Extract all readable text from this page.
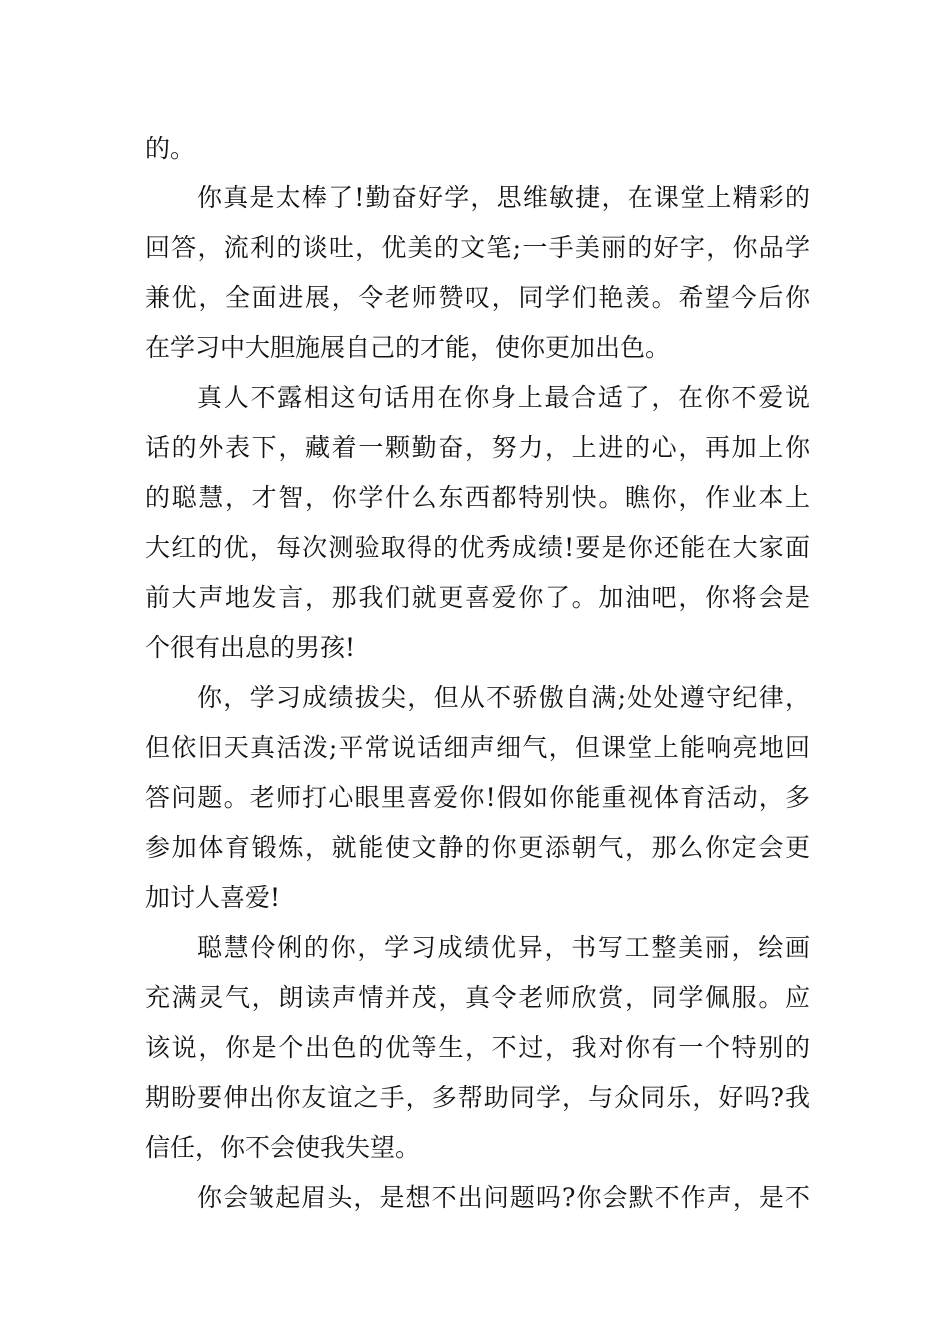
的。

你真是太棒了!勤奋好学，思维敏捷，在课堂上精彩的

回答，流利的谈吐，优美的文笔;一手美丽的好字，你品学

兼优，全面进展，令老师赞叹，同学们艳羡。希望今后你

在学习中大胆施展自己的才能，使你更加出色。

真人不露相这句话用在你身上最合适了，在你不爱说

话的外表下，藏着一颗勤奋，努力，上进的心，再加上你

的聪慧，才智，你学什么东西都特别快。瞧你，作业本上

大红的优，每次测验取得的优秀成绩!要是你还能在大家面

前大声地发言，那我们就更喜爱你了。加油吧，你将会是

个很有出息的男孩!

你，学习成绩拔尖，但从不骄傲自满;处处遵守纪律，

但依旧天真活泼;平常说话细声细气，但课堂上能响亮地回

答问题。老师打心眼里喜爱你!假如你能重视体育活动，多

参加体育锻炼，就能使文静的你更添朝气，那么你定会更

加讨人喜爱!

聪慧伶俐的你，学习成绩优异，书写工整美丽，绘画

充满灵气，朗读声情并茂，真令老师欣赏，同学佩服。应

该说，你是个出色的优等生，不过，我对你有一个特别的

期盼要伸出你友谊之手，多帮助同学，与众同乐，好吗?我

信任，你不会使我失望。

你会皱起眉头，是想不出问题吗?你会默不作声，是不
